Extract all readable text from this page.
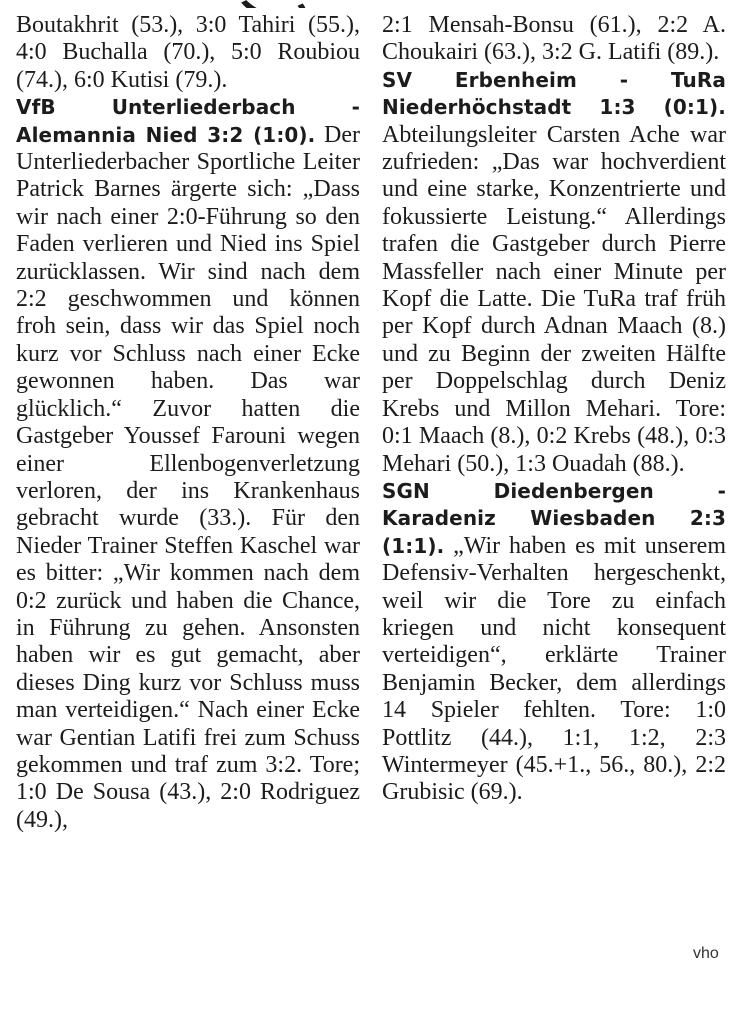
Boutakhrit (53.), 3:0 Tahiri (55.), 4:0 Buchalla (70.), 5:0 Roubiou (74.), 6:0 Kutisi (79.).

VfB Unterliederbach - Alemannia Nied 3:2 (1:0). Der Unterliederbacher Sportliche Leiter Patrick Barnes ärgerte sich: „Dass wir nach einer 2:0-Führung so den Faden verlieren und Nied ins Spiel zurücklassen. Wir sind nach dem 2:2 geschwommen und können froh sein, dass wir das Spiel noch kurz vor Schluss nach einer Ecke gewonnen haben. Das war glücklich.“ Zuvor hatten die Gastgeber Youssef Farouni wegen einer Ellenbogenverletzung verloren, der ins Krankenhaus gebracht wurde (33.). Für den Nieder Trainer Steffen Kaschel war es bitter: „Wir kommen nach dem 0:2 zurück und haben die Chance, in Führung zu gehen. Ansonsten haben wir es gut gemacht, aber dieses Ding kurz vor Schluss muss man verteidigen.“ Nach einer Ecke war Gentian Latifi frei zum Schuss gekommen und traf zum 3:2. Tore; 1:0 De Sousa (43.), 2:0 Rodriguez (49.),

2:1 Mensah-Bonsu (61.), 2:2 A. Choukairi (63.), 3:2 G. Latifi (89.).

SV Erbenheim - TuRa Niederhöchstadt 1:3 (0:1). Abteilungsleiter Carsten Ache war zufrieden: „Das war hochverdient und eine starke, Konzentrierte und fokussierte Leistung.“ Allerdings trafen die Gastgeber durch Pierre Massfeller nach einer Minute per Kopf die Latte. Die TuRa traf früh per Kopf durch Adnan Maach (8.) und zu Beginn der zweiten Hälfte per Doppelschlag durch Deniz Krebs und Millon Mehari. Tore: 0:1 Maach (8.), 0:2 Krebs (48.), 0:3 Mehari (50.), 1:3 Ouadah (88.).

SGN Diedenbergen - Karadeniz Wiesbaden 2:3 (1:1). „Wir haben es mit unserem Defensiv-Verhalten hergeschenkt, weil wir die Tore zu einfach kriegen und nicht konsequent verteidigen“, erklärte Trainer Benjamin Becker, dem allerdings 14 Spieler fehlten. Tore: 1:0 Pottlitz (44.), 1:1, 1:2, 2:3 Wintermeyer (45.+1., 56., 80.), 2:2 Grubisic (69.).

vho
